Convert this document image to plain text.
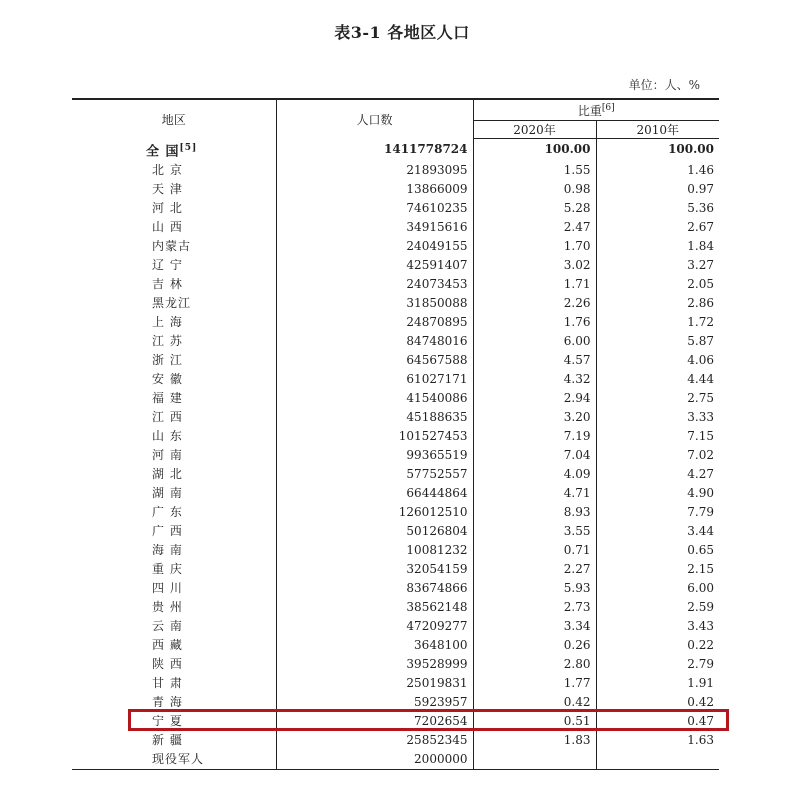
表3-1 各地区人口
单位：人、%
地区	人口数	比重[6]
		2020年	2010年
全 国[5]	1411778724	100.00	100.00
北 京	21893095	1.55	1.46
天 津	13866009	0.98	0.97
河 北	74610235	5.28	5.36
山 西	34915616	2.47	2.67
内蒙古	24049155	1.70	1.84
辽 宁	42591407	3.02	3.27
吉 林	24073453	1.71	2.05
黑龙江	31850088	2.26	2.86
上 海	24870895	1.76	1.72
江 苏	84748016	6.00	5.87
浙 江	64567588	4.57	4.06
安 徽	61027171	4.32	4.44
福 建	41540086	2.94	2.75
江 西	45188635	3.20	3.33
山 东	101527453	7.19	7.15
河 南	99365519	7.04	7.02
湖 北	57752557	4.09	4.27
湖 南	66444864	4.71	4.90
广 东	126012510	8.93	7.79
广 西	50126804	3.55	3.44
海 南	10081232	0.71	0.65
重 庆	32054159	2.27	2.15
四 川	83674866	5.93	6.00
贵 州	38562148	2.73	2.59
云 南	47209277	3.34	3.43
西 藏	3648100	0.26	0.22
陕 西	39528999	2.80	2.79
甘 肃	25019831	1.77	1.91
青 海	5923957	0.42	0.42
宁 夏	7202654	0.51	0.47
新 疆	25852345	1.83	1.63
现役军人	2000000		
